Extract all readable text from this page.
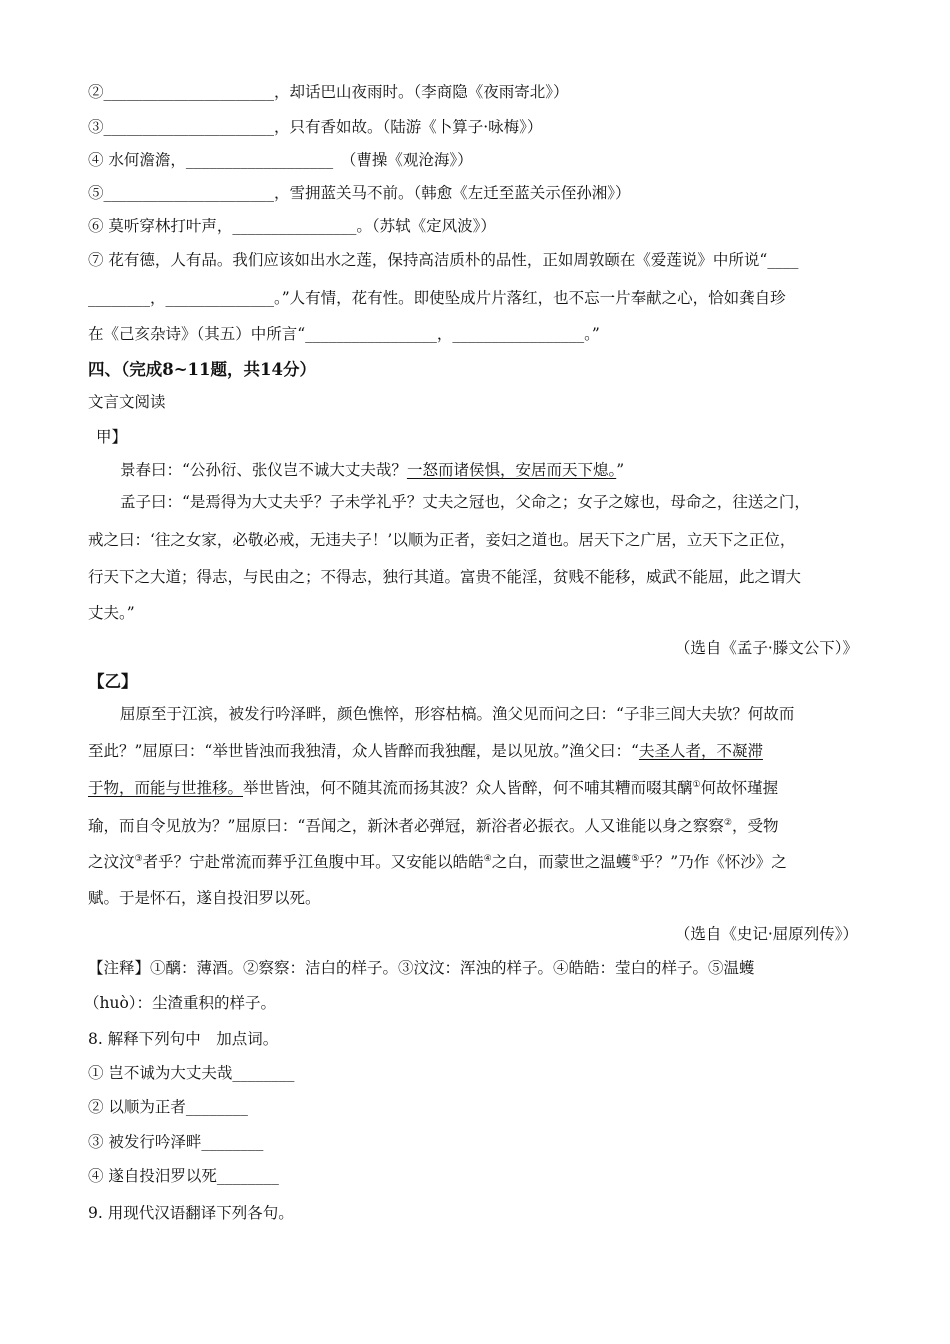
②______________________，却话巴山夜雨时。（李商隐《夜雨寄北》）
③______________________，只有香如故。（陆游《卜算子·咏梅》）
④ 水何澹澹，___________________　（曹操《观沧海》）
⑤______________________，雪拥蓝关马不前。（韩愈《左迁至蓝关示侄孙湘》）
⑥ 莫听穿林打叶声，________________。（苏轼《定风波》）
⑦ 花有德，人有品。我们应该如出水之莲，保持高洁质朴的品性，正如周敦颐在《爱莲说》中所说“____
________，______________。”人有情，花有性。即使坠成片片落红，也不忘一片奉献之心，恰如龚自珍
在《己亥杂诗》（其五）中所言“_________________，_________________。”
四、（完成8~11题，共14分）
文言文阅读
甲】
景春曰：“公孙衍、张仪岂不诚大丈夫哉？一怒而诸侯惧，安居而天下熄。”
孟子曰：“是焉得为大丈夫乎？子未学礼乎？丈夫之冠也，父命之；女子之嫁也，母命之，往送之门，
戒之曰：‘往之女家，必敬必戒，无违夫子！’以顺为正者，妾妇之道也。居天下之广居，立天下之正位，
行天下之大道；得志，与民由之；不得志，独行其道。富贵不能淫，贫贱不能移，威武不能屈，此之谓大
丈夫。”
（选自《孟子·滕文公下）》
【乙】
屈原至于江滨，被发行吟泽畔，颜色憔悴，形容枯槁。渔父见而问之曰：“子非三闾大夫欤？何故而
至此？”屈原曰：“举世皆浊而我独清，众人皆醉而我独醒，是以见放。”渔父曰：“夫圣人者，不凝滞
于物，而能与世推移。举世皆浊，何不随其流而扬其波？众人皆醉，何不哺其糟而啜其醨①何故怀瑾握
瑜，而自令见放为？”屈原曰：“吾闻之，新沐者必弹冠，新浴者必振衣。人又谁能以身之察察②，受物
之汶汶③者乎？宁赴常流而葬乎江鱼腹中耳。又安能以皓皓④之白，而蒙世之温蠖⑤乎？”乃作《怀沙》之
赋。于是怀石，遂自投汨罗以死。
（选自《史记·屈原列传》）
【注释】①醨：薄酒。②察察：洁白的样子。③汶汶：浑浊的样子。④皓皓：莹白的样子。⑤温蠖
（huò）：尘渣重积的样子。
8. 解释下列句中　加点词。
① 岂不诚为大丈夫哉________
② 以顺为正者________
③ 被发行吟泽畔________
④ 遂自投汨罗以死________
9. 用现代汉语翻译下列各句。
